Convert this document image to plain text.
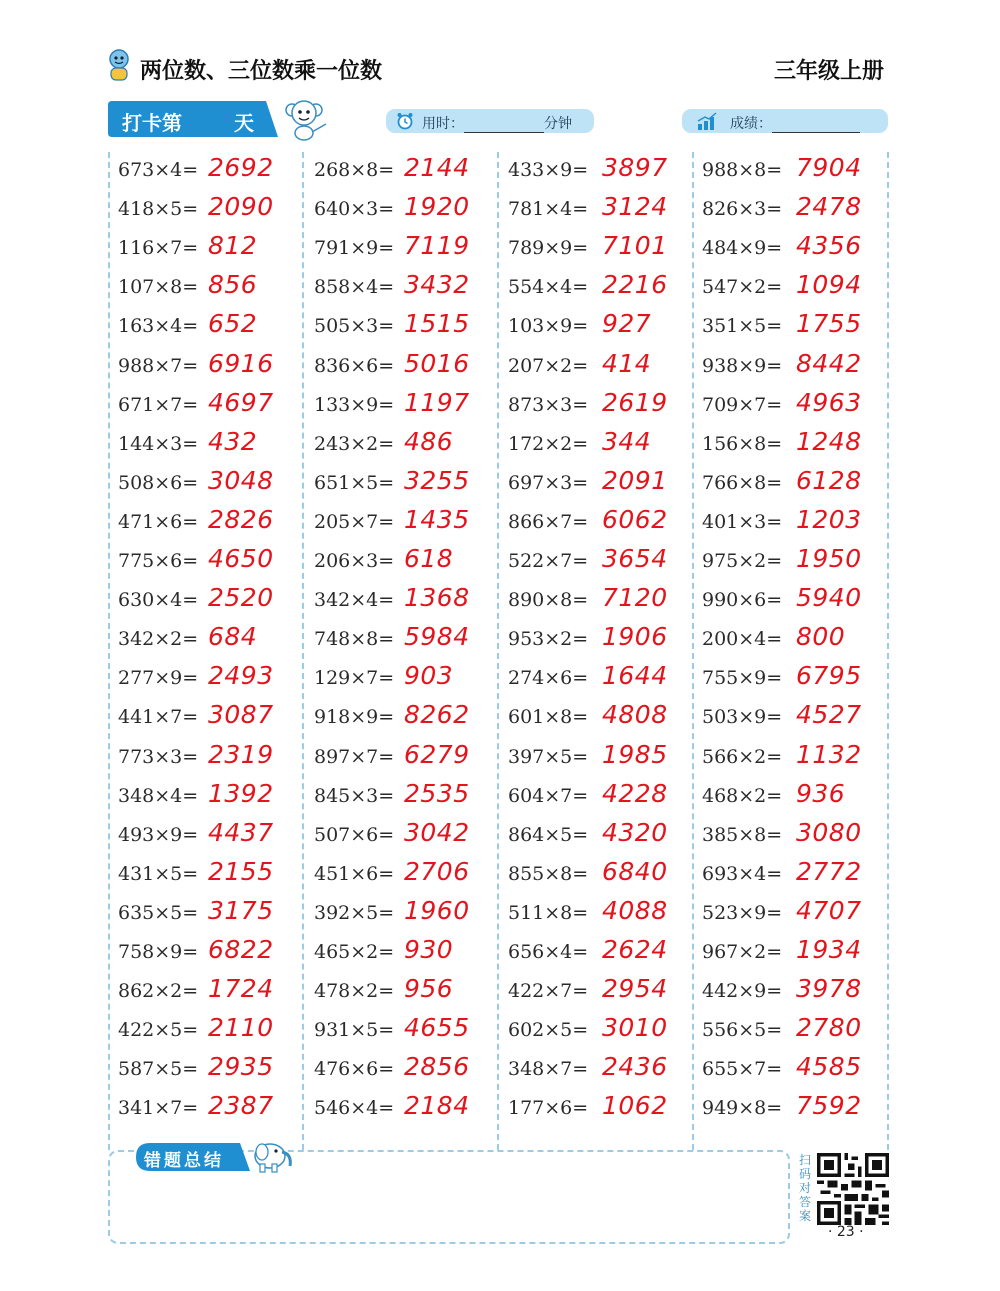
两位数、三位数乘一位数	三年级上册
打卡第	天	用时：	分钟	成绩：
673×4= 2692
418×5= 2090
116×7= 812
107×8= 856
163×4= 652
988×7= 6916
671×7= 4697
144×3= 432
508×6= 3048
471×6= 2826
775×6= 4650
630×4= 2520
342×2= 684
277×9= 2493
441×7= 3087
773×3= 2319
348×4= 1392
493×9= 4437
431×5= 2155
635×5= 3175
758×9= 6822
862×2= 1724
422×5= 2110
587×5= 2935
341×7= 2387
268×8= 2144
640×3= 1920
791×9= 7119
858×4= 3432
505×3= 1515
836×6= 5016
133×9= 1197
243×2= 486
651×5= 3255
205×7= 1435
206×3= 618
342×4= 1368
748×8= 5984
129×7= 903
918×9= 8262
897×7= 6279
845×3= 2535
507×6= 3042
451×6= 2706
392×5= 1960
465×2= 930
478×2= 956
931×5= 4655
476×6= 2856
546×4= 2184
433×9= 3897
781×4= 3124
789×9= 7101
554×4= 2216
103×9= 927
207×2= 414
873×3= 2619
172×2= 344
697×3= 2091
866×7= 6062
522×7= 3654
890×8= 7120
953×2= 1906
274×6= 1644
601×8= 4808
397×5= 1985
604×7= 4228
864×5= 4320
855×8= 6840
511×8= 4088
656×4= 2624
422×7= 2954
602×5= 3010
348×7= 2436
177×6= 1062
988×8= 7904
826×3= 2478
484×9= 4356
547×2= 1094
351×5= 1755
938×9= 8442
709×7= 4963
156×8= 1248
766×8= 6128
401×3= 1203
975×2= 1950
990×6= 5940
200×4= 800
755×9= 6795
503×9= 4527
566×2= 1132
468×2= 936
385×8= 3080
693×4= 2772
523×9= 4707
967×2= 1934
442×9= 3978
556×5= 2780
655×7= 4585
949×8= 7592
错题总结	扫码对答案
· 23 ·
